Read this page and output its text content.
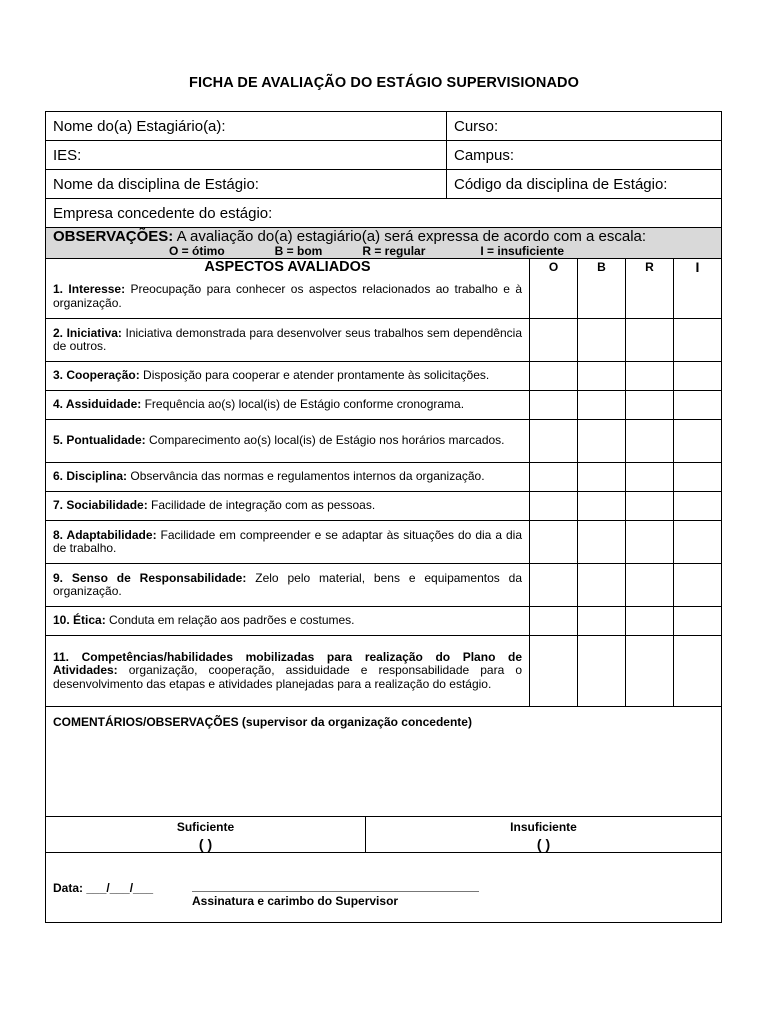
FICHA DE AVALIAÇÃO DO ESTÁGIO SUPERVISIONADO
Nome do(a) Estagiário(a):	Curso:
IES:	Campus:
Nome da disciplina de Estágio:	Código da disciplina de Estágio:
Empresa concedente do estágio:
OBSERVAÇÕES: A avaliação do(a) estagiário(a) será expressa de acordo com a escala:
O = ótimo	B = bom	R = regular	I = insuficiente
ASPECTOS AVALIADOS	O	B	R	I
1. Interesse: Preocupação para conhecer os aspectos relacionados ao trabalho e à organização.
2. Iniciativa: Iniciativa demonstrada para desenvolver seus trabalhos sem dependência de outros.
3. Cooperação: Disposição para cooperar e atender prontamente às solicitações.
4. Assiduidade: Frequência ao(s) local(is) de Estágio conforme cronograma.
5. Pontualidade: Comparecimento ao(s) local(is) de Estágio nos horários marcados.
6. Disciplina: Observância das normas e regulamentos internos da organização.
7. Sociabilidade: Facilidade de integração com as pessoas.
8. Adaptabilidade: Facilidade em compreender e se adaptar às situações do dia a dia de trabalho.
9. Senso de Responsabilidade: Zelo pelo material, bens e equipamentos da organização.
10. Ética: Conduta em relação aos padrões e costumes.
11. Competências/habilidades mobilizadas para realização do Plano de Atividades: organização, cooperação, assiduidade e responsabilidade para o desenvolvimento das etapas e atividades planejadas para a realização do estágio.
COMENTÁRIOS/OBSERVAÇÕES (supervisor da organização concedente)
Suficiente
( )
Insuficiente
( )
Data: ___/___/___
Assinatura e carimbo do Supervisor
